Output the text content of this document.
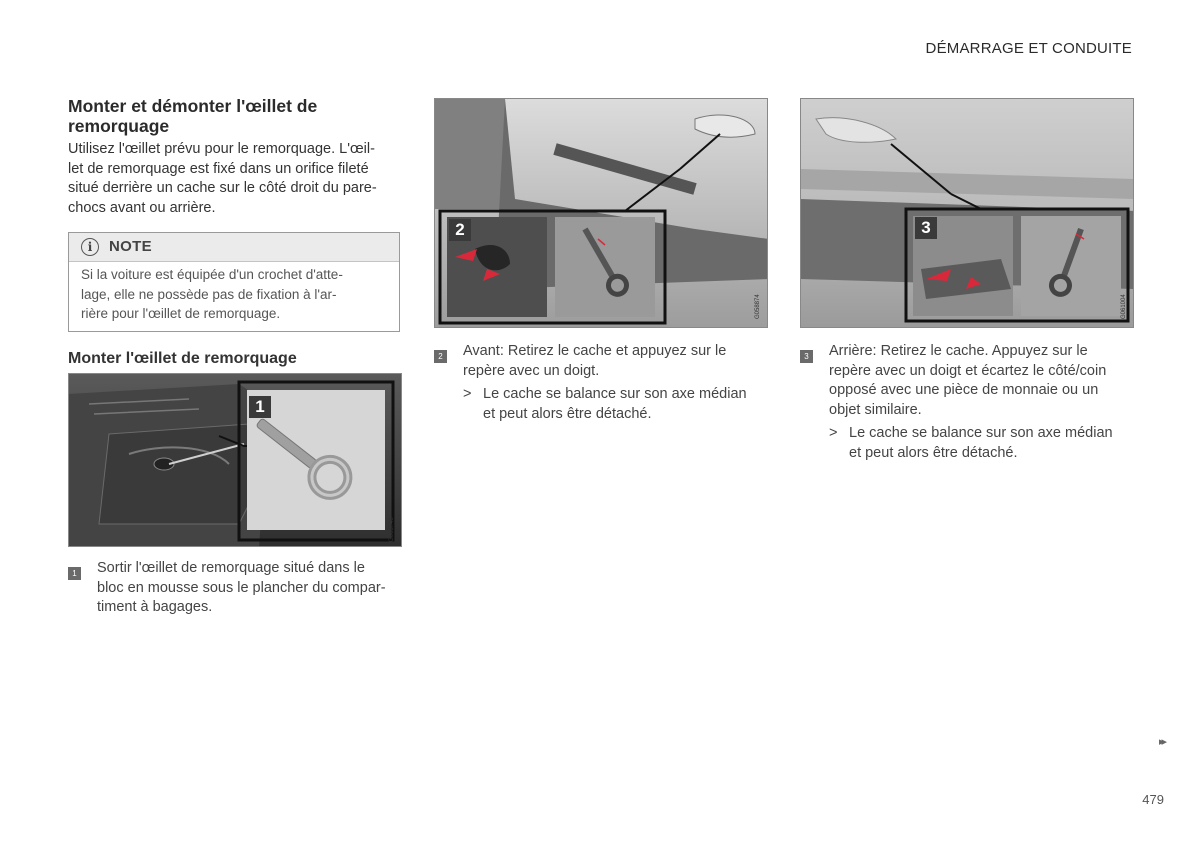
DÉMARRAGE ET CONDUITE
Monter et démonter l'œillet de remorquage
Utilisez l'œillet prévu pour le remorquage. L'œil-
let de remorquage est fixé dans un orifice fileté
situé derrière un cache sur le côté droit du pare-
chocs avant ou arrière.
i	NOTE
Si la voiture est équipée d'un crochet d'atte-
lage, elle ne possède pas de fixation à l'ar-
rière pour l'œillet de remorquage.
Monter l'œillet de remorquage
1
G063746
2
G058874
3
G061004
1 Sortir l'œillet de remorquage situé dans le
bloc en mousse sous le plancher du compar-
timent à bagages.
2 Avant: Retirez le cache et appuyez sur le
repère avec un doigt.
> Le cache se balance sur son axe médian
et peut alors être détaché.
3 Arrière: Retirez le cache. Appuyez sur le
repère avec un doigt et écartez le côté/coin
opposé avec une pièce de monnaie ou un
objet similaire.
> Le cache se balance sur son axe médian
et peut alors être détaché.
▸▸
479
